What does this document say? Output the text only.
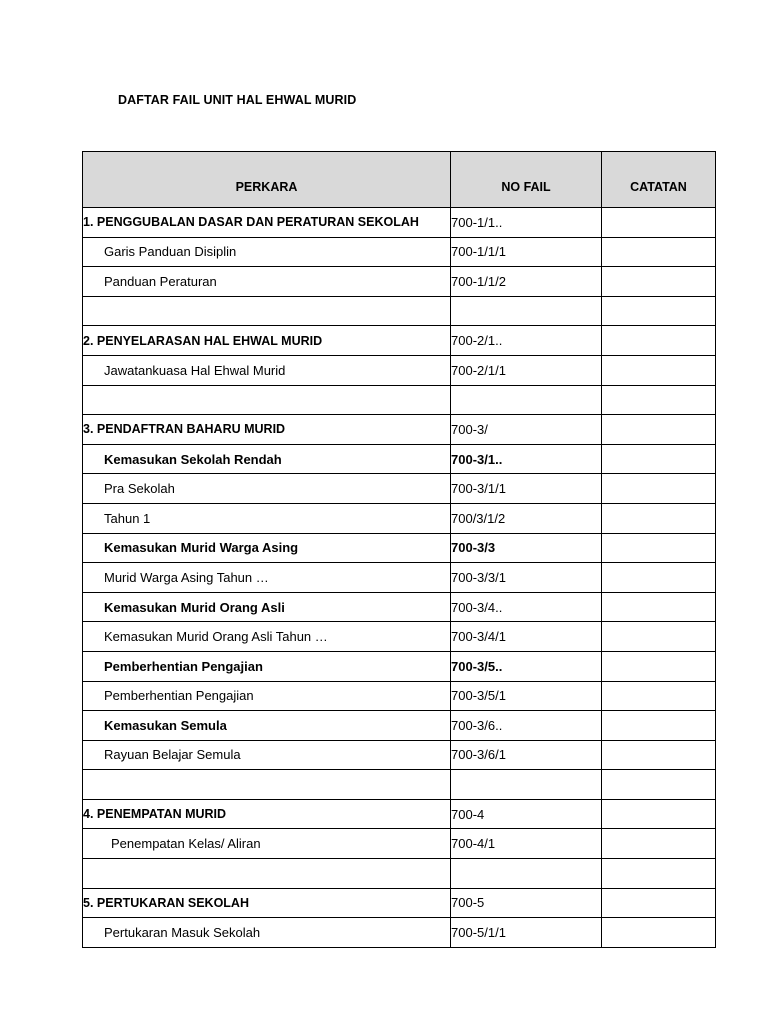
DAFTAR FAIL UNIT HAL EHWAL MURID
PERKARA	NO FAIL	CATATAN
1. PENGGUBALAN DASAR DAN PERATURAN SEKOLAH	700-1/1..	
Garis Panduan Disiplin	700-1/1/1	
Panduan Peraturan	700-1/1/2	

2. PENYELARASAN HAL EHWAL MURID	700-2/1..	
Jawatankuasa Hal Ehwal Murid	700-2/1/1	

3. PENDAFTRAN BAHARU MURID	700-3/	
Kemasukan Sekolah Rendah	700-3/1..	
Pra Sekolah	700-3/1/1	
Tahun 1	700/3/1/2	
Kemasukan Murid Warga Asing	700-3/3	
Murid Warga Asing Tahun …	700-3/3/1	
Kemasukan Murid Orang Asli	700-3/4..	
Kemasukan Murid Orang Asli Tahun …	700-3/4/1	
Pemberhentian Pengajian	700-3/5..	
Pemberhentian Pengajian	700-3/5/1	
Kemasukan Semula	700-3/6..	
Rayuan Belajar Semula	700-3/6/1	

4. PENEMPATAN MURID	700-4	
Penempatan Kelas/ Aliran	700-4/1	

5. PERTUKARAN SEKOLAH	700-5	
Pertukaran Masuk Sekolah	700-5/1/1	
